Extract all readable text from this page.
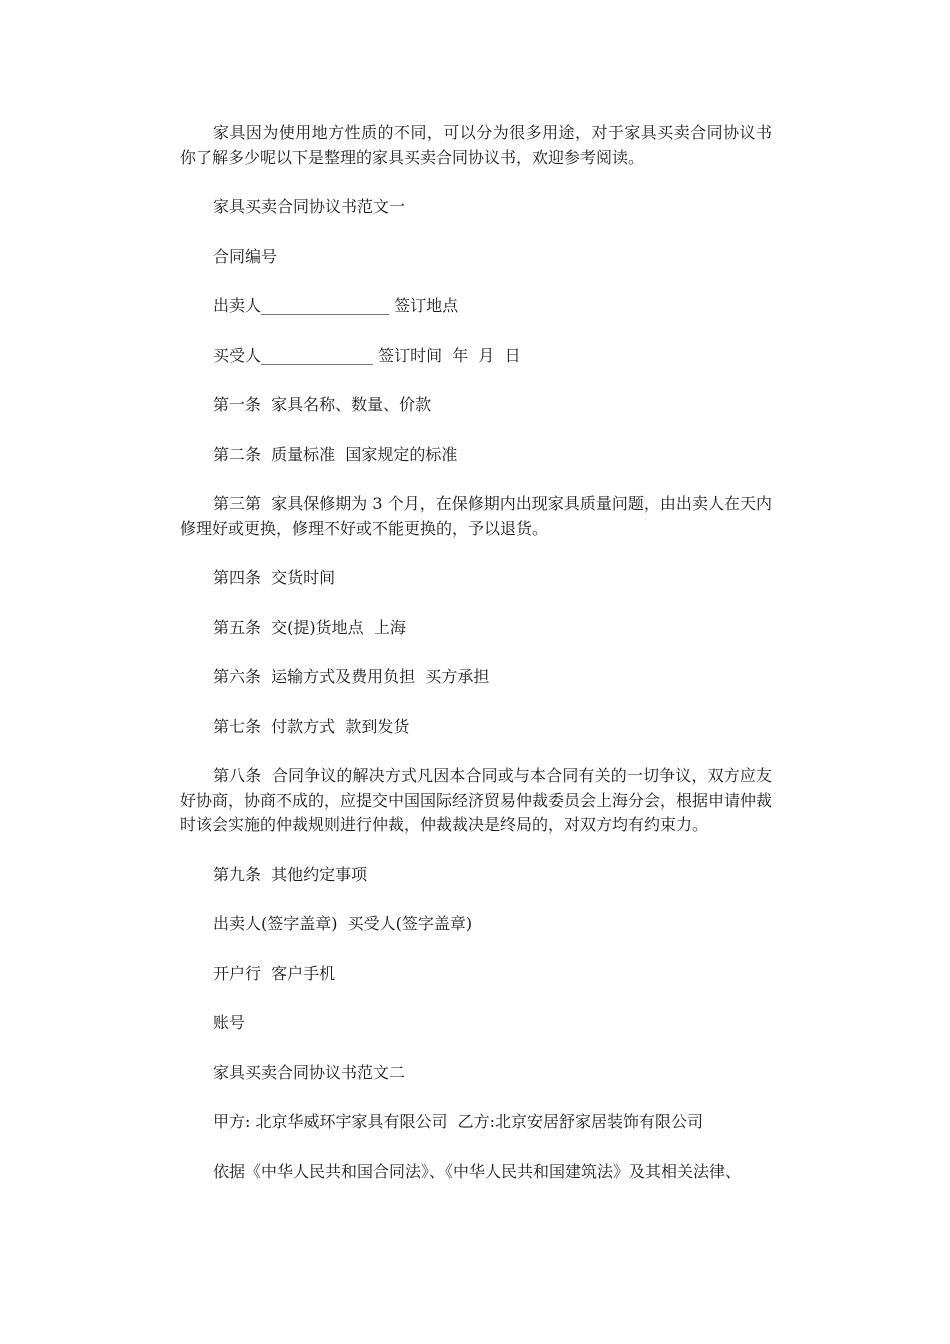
家具因为使用地方性质的不同，可以分为很多用途，对于家具买卖合同协议书你了解多少呢以下是整理的家具买卖合同协议书，欢迎参考阅读。

家具买卖合同协议书范文一

合同编号

出卖人________________ 签订地点

买受人______________ 签订时间  年  月  日

第一条  家具名称、数量、价款

第二条  质量标准  国家规定的标准

第三第  家具保修期为 3 个月，在保修期内出现家具质量问题，由出卖人在天内修理好或更换，修理不好或不能更换的，予以退货。

第四条  交货时间

第五条  交(提)货地点  上海

第六条  运输方式及费用负担  买方承担

第七条  付款方式  款到发货

第八条  合同争议的解决方式凡因本合同或与本合同有关的一切争议，双方应友好协商，协商不成的，应提交中国国际经济贸易仲裁委员会上海分会，根据申请仲裁时该会实施的仲裁规则进行仲裁，仲裁裁决是终局的，对双方均有约束力。

第九条  其他约定事项

出卖人(签字盖章)  买受人(签字盖章)

开户行  客户手机

账号

家具买卖合同协议书范文二

甲方: 北京华威环宇家具有限公司  乙方:北京安居舒家居装饰有限公司

依据《中华人民共和国合同法》、《中华人民共和国建筑法》及其相关法律、
